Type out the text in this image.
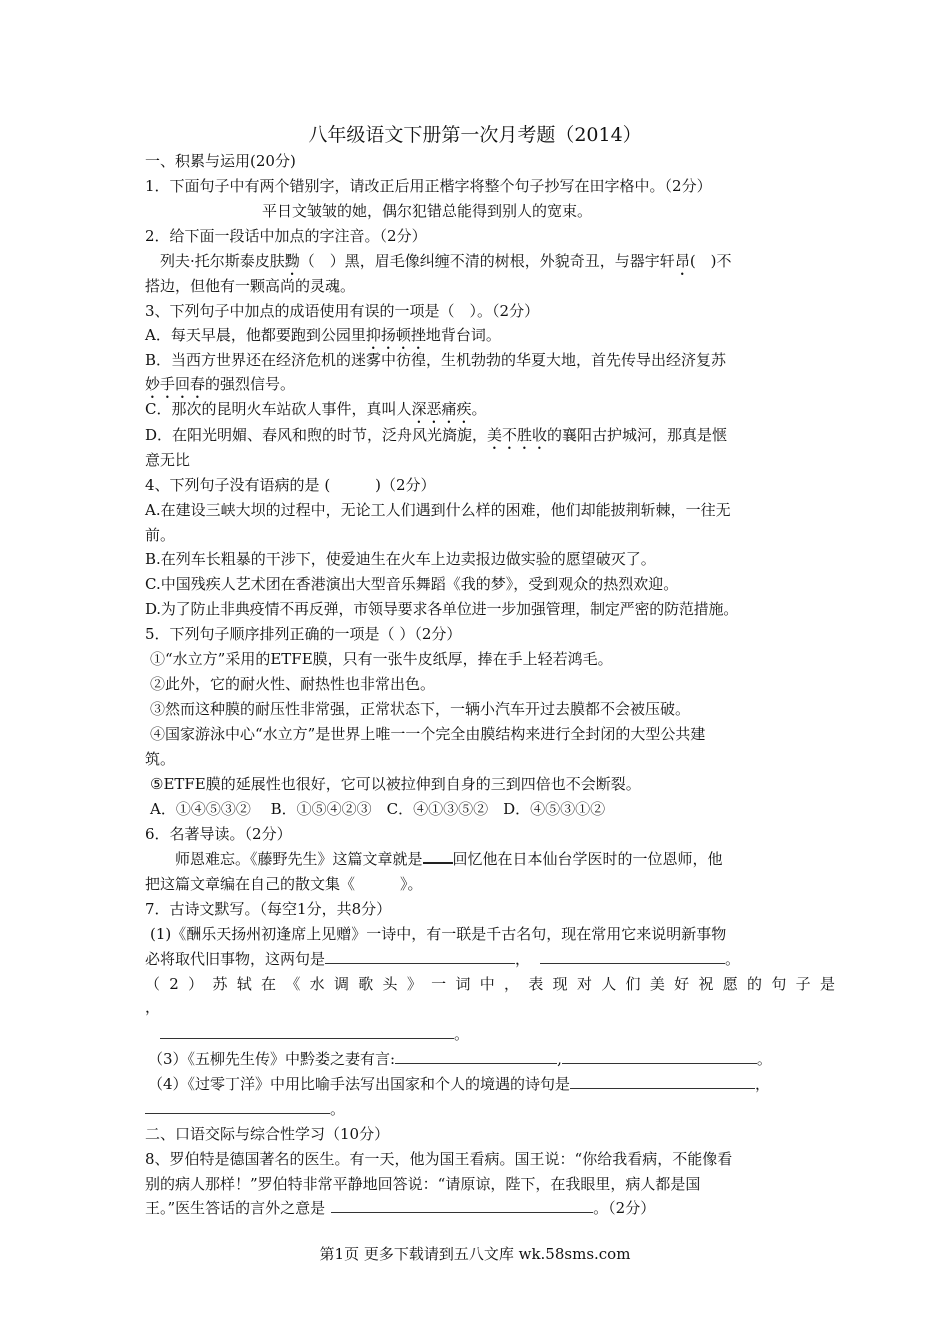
八年级语文下册第一次月考题（2014）
一、积累与运用(20分)
1．下面句子中有两个错别字，请改正后用正楷字将整个句子抄写在田字格中。（2分）
平日文皱皱的她，偶尔犯错总能得到别人的宽束。
2．给下面一段话中加点的字注音。（2分）
列夫·托尔斯泰皮肤黝（　）黑，眉毛像纠缠不清的树根，外貌奇丑，与器宇轩昂(　)不
搭边，但他有一颗高尚的灵魂。
3、下列句子中加点的成语使用有误的一项是（　）。（2分）
A．每天早晨，他都要跑到公园里抑扬顿挫地背台词。
B．当西方世界还在经济危机的迷雾中彷徨，生机勃勃的华夏大地，首先传导出经济复苏
妙手回春的强烈信号。
C．那次的昆明火车站砍人事件，真叫人深恶痛疾。
D．在阳光明媚、春风和煦的时节，泛舟风光旖旎，美不胜收的襄阳古护城河，那真是惬
意无比
4、下列句子没有语病的是 (　　　)（2分）
A.在建设三峡大坝的过程中，无论工人们遇到什么样的困难，他们却能披荆斩棘，一往无
前。
B.在列车长粗暴的干涉下，使爱迪生在火车上边卖报边做实验的愿望破灭了。
C.中国残疾人艺术团在香港演出大型音乐舞蹈《我的梦》，受到观众的热烈欢迎。
D.为了防止非典疫情不再反弹，市领导要求各单位进一步加强管理，制定严密的防范措施。
5．下列句子顺序排列正确的一项是（ ）（2分）
①“水立方”采用的ETFE膜，只有一张牛皮纸厚，捧在手上轻若鸿毛。
②此外，它的耐火性、耐热性也非常出色。
③然而这种膜的耐压性非常强，正常状态下，一辆小汽车开过去膜都不会被压破。
④国家游泳中心“水立方”是世界上唯一一个完全由膜结构来进行全封闭的大型公共建
筑。
⑤ETFE膜的延展性也很好，它可以被拉伸到自身的三到四倍也不会断裂。
A．①④⑤③②　 B．①⑤④②③　C．④①③⑤②　D．④⑤③①②
6．名著导读。（2分）
师恩难忘。《藤野先生》这篇文章就是 回忆他在日本仙台学医时的一位恩师，他
把这篇文章编在自己的散文集《　　　》。
7．古诗文默写。（每空1分，共8分）
(1)《酬乐天扬州初逢席上见赠》一诗中，有一联是千古名句，现在常用它来说明新事物
必将取代旧事物，这两句是	，	。
（2）苏轼在《水调歌头》一词中，表现对人们美好祝愿的句子是
，
。
（3）《五柳先生传》中黔娄之妻有言:	,	。
（4）《过零丁洋》中用比喻手法写出国家和个人的境遇的诗句是	，
。
二、口语交际与综合性学习（10分）
8、罗伯特是德国著名的医生。有一天，他为国王看病。国王说：“你给我看病，不能像看
别的病人那样！”罗伯特非常平静地回答说：“请原谅，陛下，在我眼里，病人都是国
王。”医生答话的言外之意是	。（2分）
第1页 更多下载请到五八文库 wk.58sms.com
